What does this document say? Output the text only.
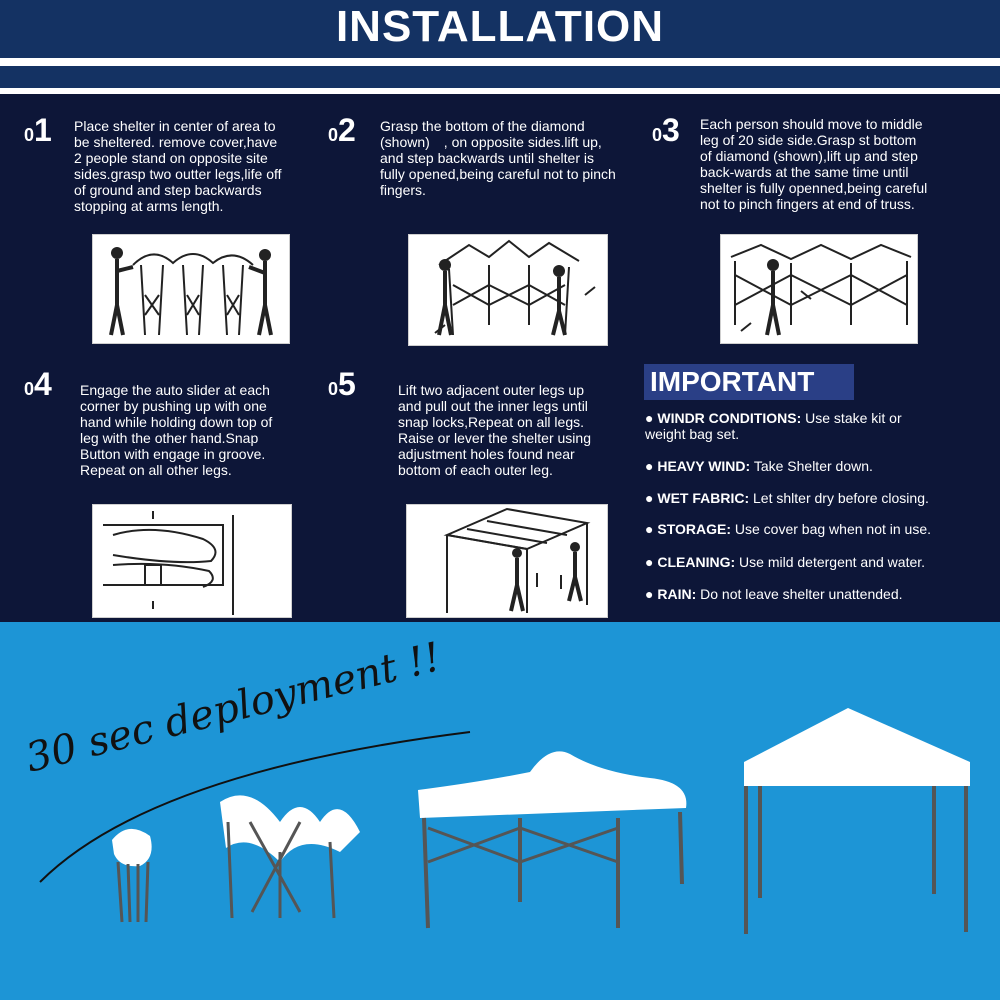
INSTALLATION
01 Place shelter in center of area to
be sheltered. remove cover,have
2 people stand on opposite site
sides.grasp two outter legs,life off
of ground and step backwards
stopping at arms length.
02 Grasp the bottom of the diamond
(shown)　, on opposite sides.lift up,
and step backwards until shelter is
fully opened,being careful not to pinch
fingers.
03 Each person should move to middle
leg of 20 side side.Grasp st bottom
of diamond (shown),lift up and step
back-wards at the same time until
shelter is fully openned,being careful
not to pinch fingers at end of truss.
04 Engage the auto slider at each
corner by pushing up with one
hand while holding down top of
leg with the other hand.Snap
Button with engage in groove.
Repeat on all other legs.
05	Lift two adjacent outer legs up
and pull out the inner legs until
snap locks,Repeat on all legs.
Raise or lever the shelter using
adjustment holes found near
bottom of each outer leg.
IMPORTANT
● WINDR CONDITIONS: Use stake kit or
weight bag set.
● HEAVY WIND: Take Shelter down.
● WET FABRIC: Let shlter dry before closing.
● STORAGE: Use cover bag when not in use.
● CLEANING: Use mild detergent and water.
● RAIN: Do not leave shelter unattended.
30 sec deployment !!
